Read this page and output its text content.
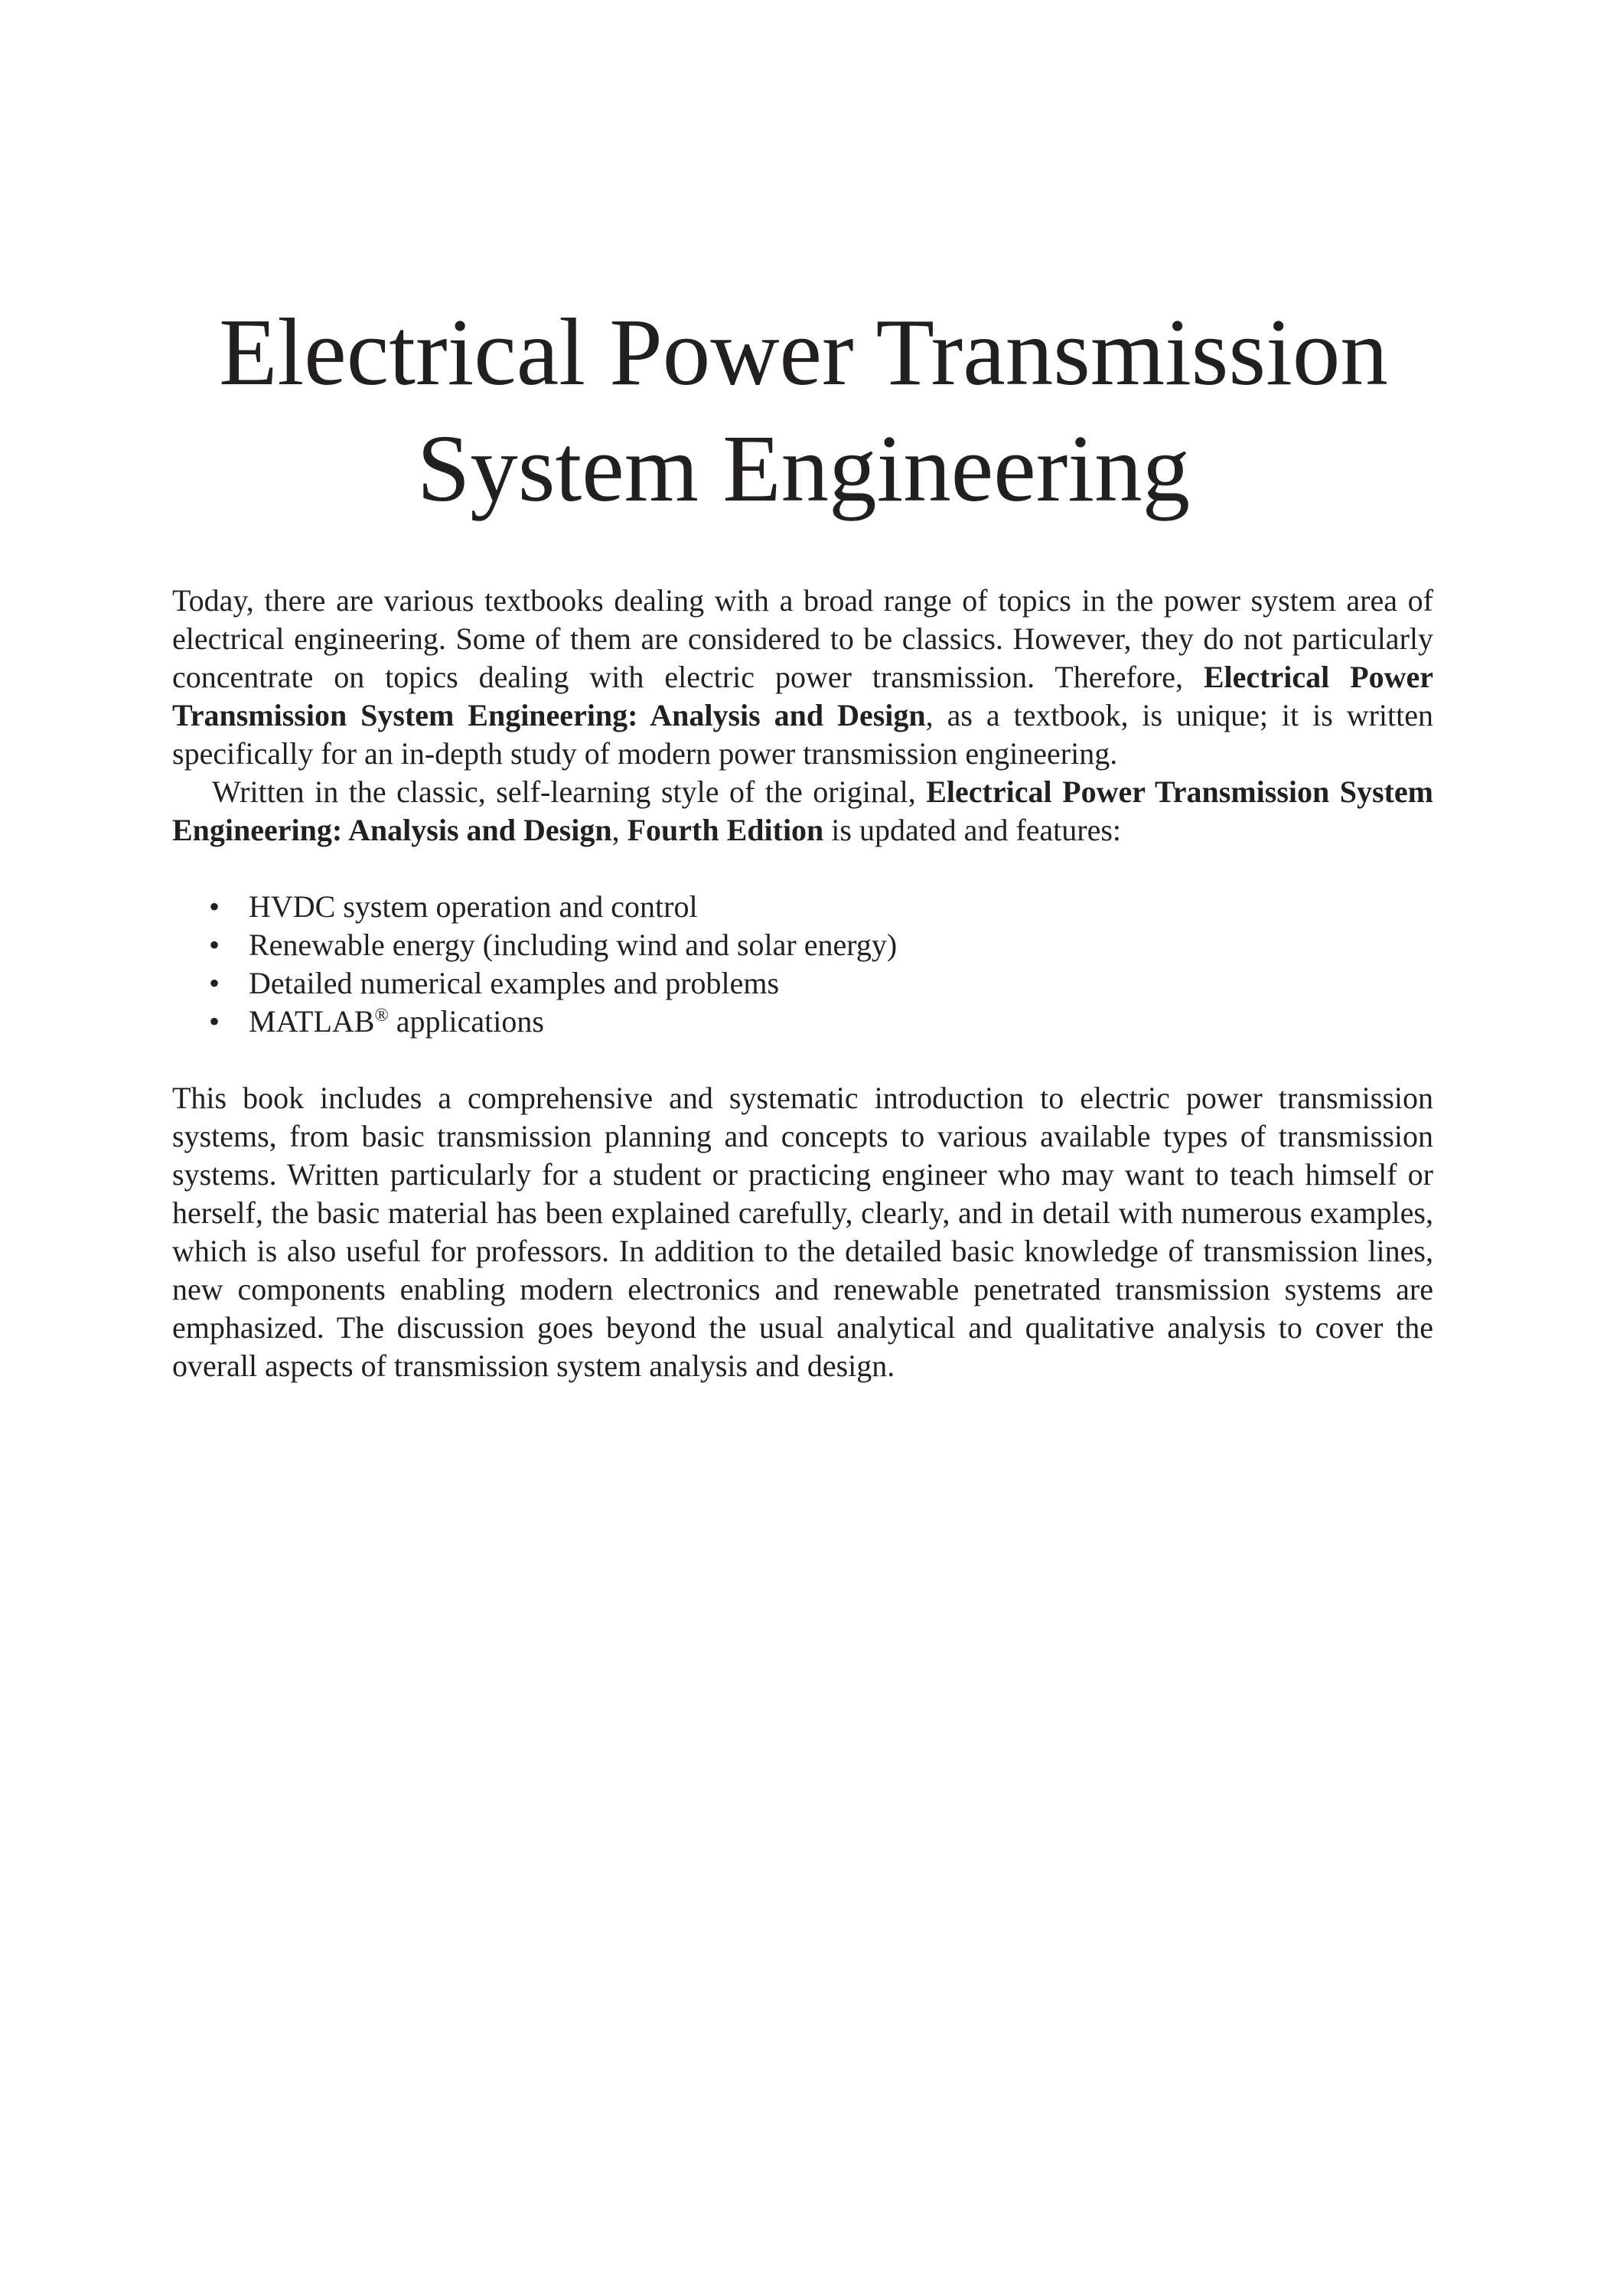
Electrical Power Transmission
System Engineering

Today, there are various textbooks dealing with a broad range of topics in the power system area of electrical engineering. Some of them are considered to be classics. However, they do not particularly concentrate on topics dealing with electric power transmission. Therefore, Electrical Power Transmission System Engineering: Analysis and Design, as a textbook, is unique; it is written specifically for an in-depth study of modern power transmission engineering.

Written in the classic, self-learning style of the original, Electrical Power Transmission System Engineering: Analysis and Design, Fourth Edition is updated and features:

• HVDC system operation and control
• Renewable energy (including wind and solar energy)
• Detailed numerical examples and problems
• MATLAB® applications

This book includes a comprehensive and systematic introduction to electric power transmission systems, from basic transmission planning and concepts to various available types of transmission systems. Written particularly for a student or practicing engineer who may want to teach himself or herself, the basic material has been explained carefully, clearly, and in detail with numerous examples, which is also useful for professors. In addition to the detailed basic knowledge of transmission lines, new components enabling modern electronics and renewable penetrated transmission systems are emphasized. The discussion goes beyond the usual analytical and qualitative analysis to cover the overall aspects of transmission system analysis and design.
